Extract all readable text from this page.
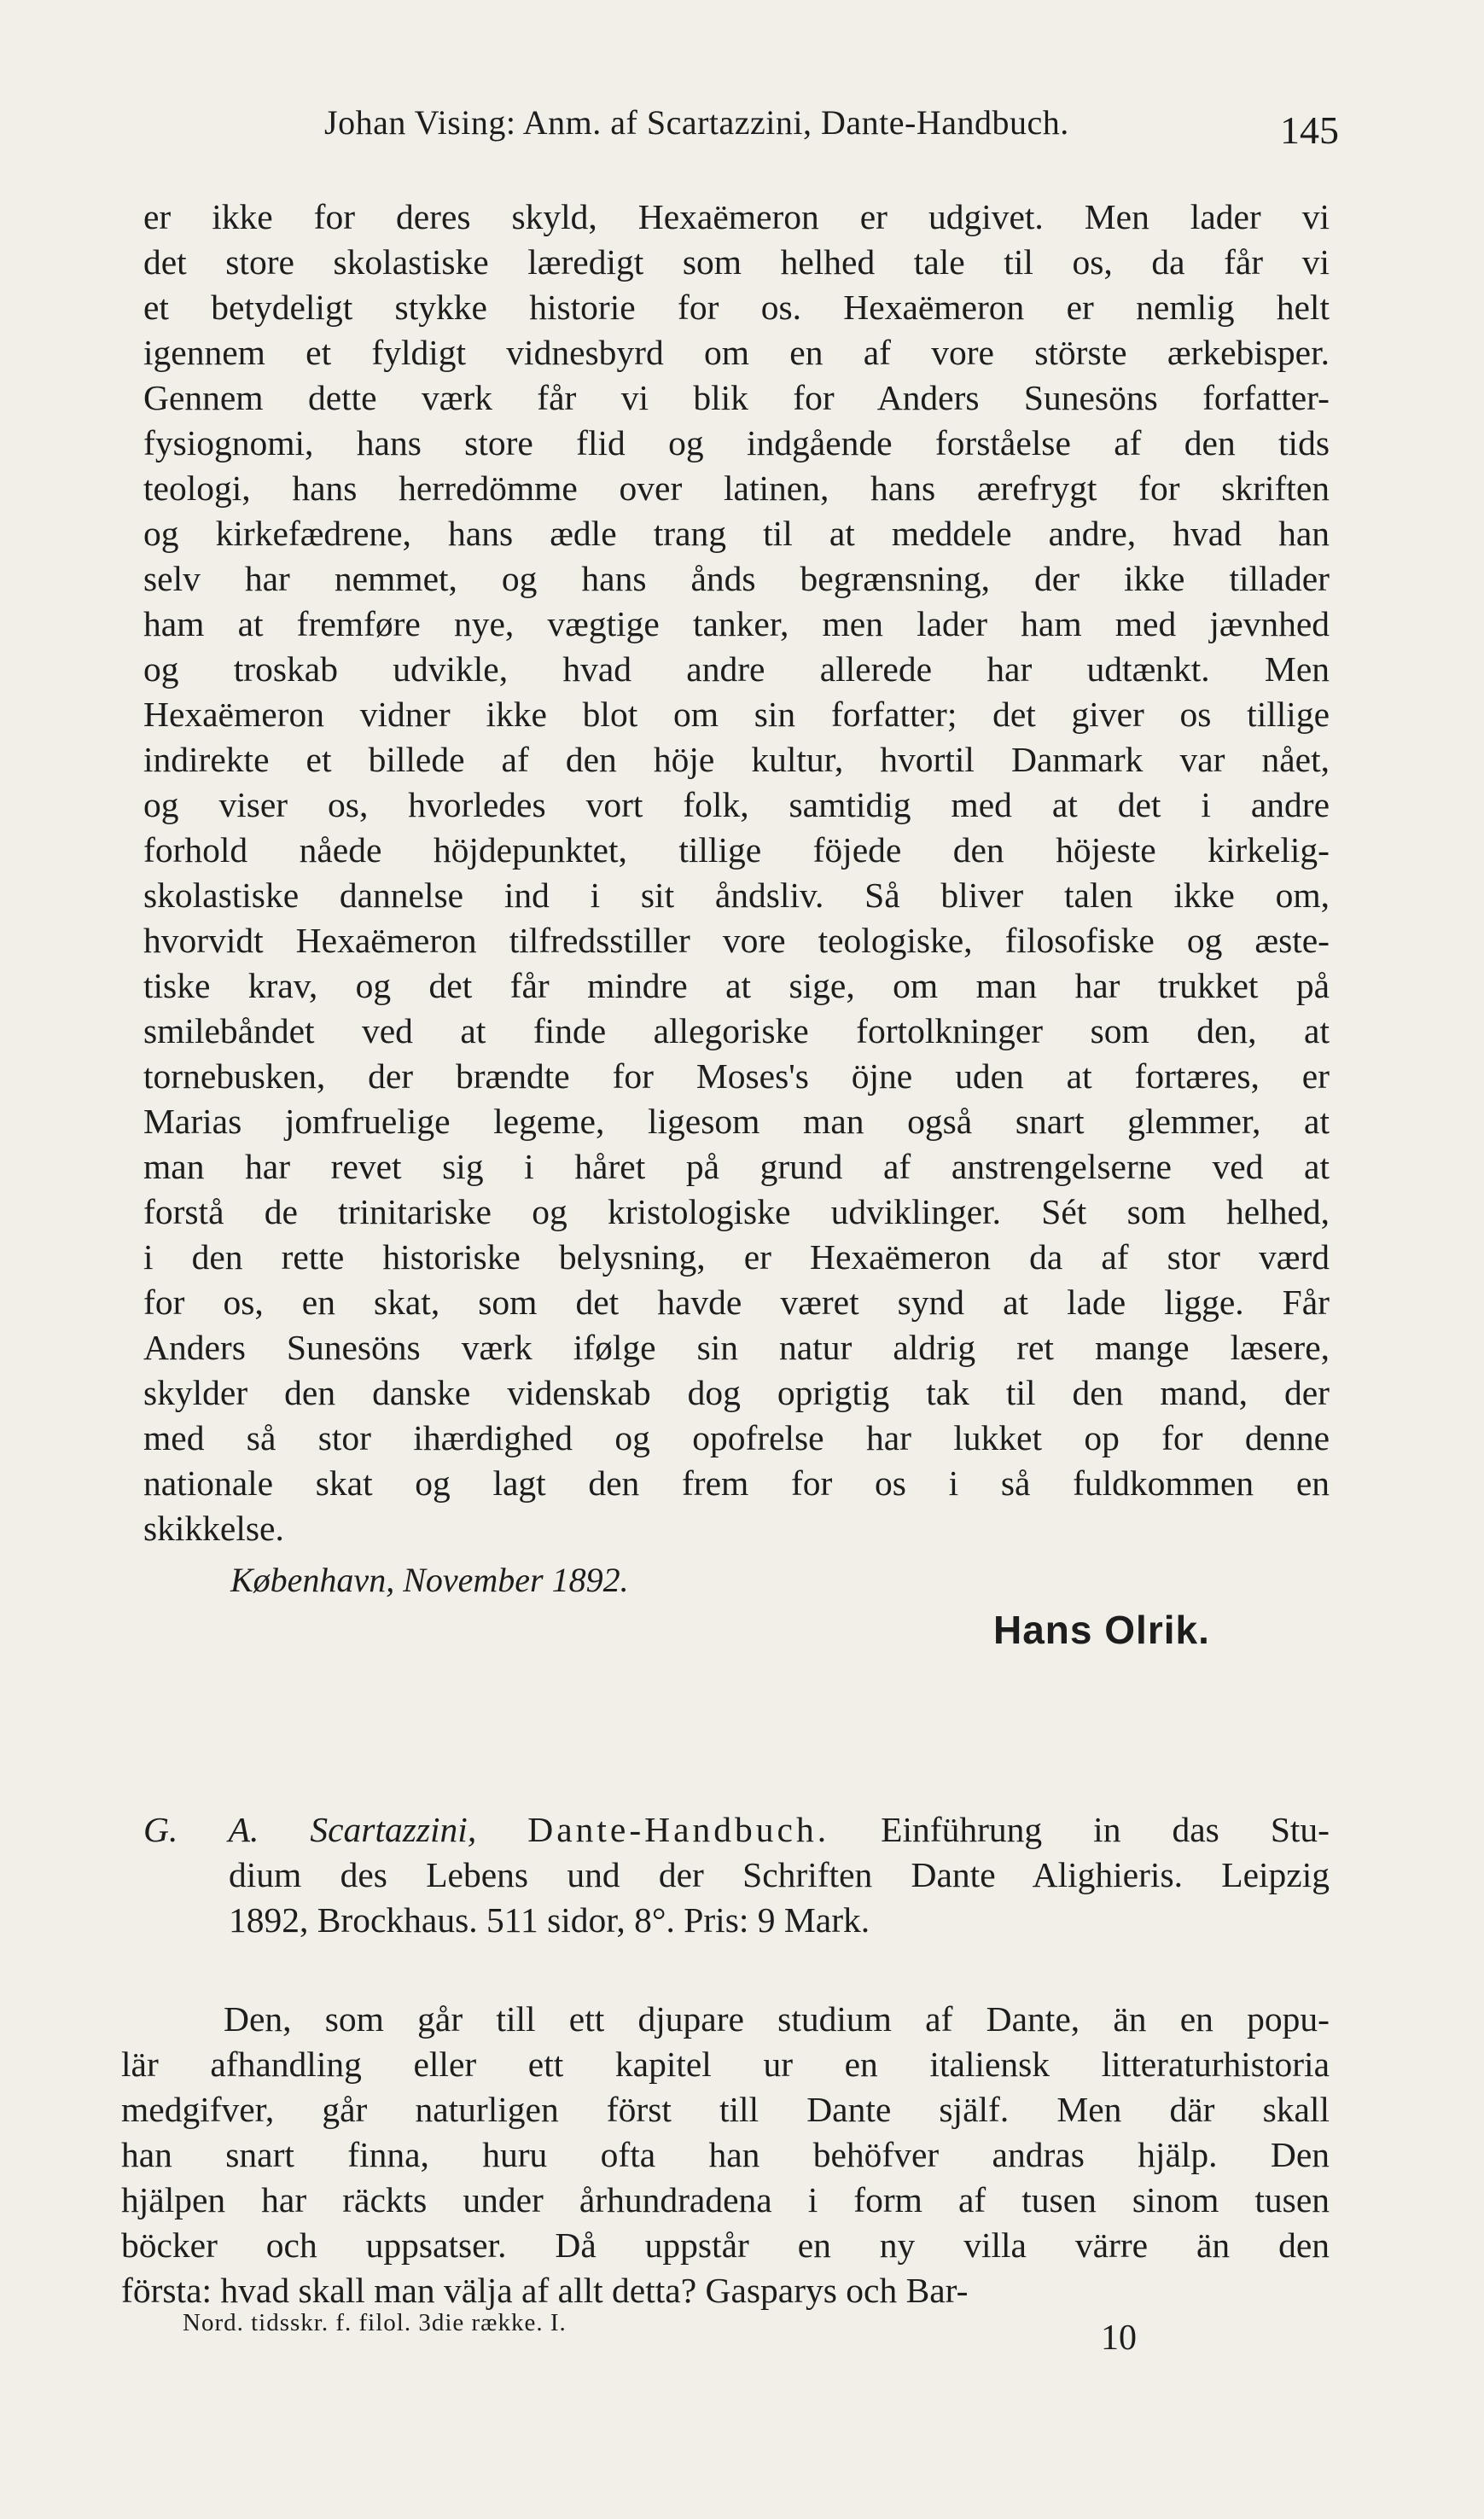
Johan Vising: Anm. af Scartazzini, Dante-Handbuch.	145
er ikke for deres skyld, Hexaëmeron er udgivet. Men lader vi
det store skolastiske læredigt som helhed tale til os, da får vi
et betydeligt stykke historie for os. Hexaëmeron er nemlig helt
igennem et fyldigt vidnesbyrd om en af vore störste ærkebisper.
Gennem dette værk får vi blik for Anders Sunesöns forfatter-
fysiognomi, hans store flid og indgående forståelse af den tids
teologi, hans herredömme over latinen, hans ærefrygt for skriften
og kirkefædrene, hans ædle trang til at meddele andre, hvad han
selv har nemmet, og hans ånds begrænsning, der ikke tillader
ham at fremføre nye, vægtige tanker, men lader ham med jævnhed
og troskab udvikle, hvad andre allerede har udtænkt. Men
Hexaëmeron vidner ikke blot om sin forfatter; det giver os tillige
indirekte et billede af den höje kultur, hvortil Danmark var nået,
og viser os, hvorledes vort folk, samtidig med at det i andre
forhold nåede höjdepunktet, tillige föjede den höjeste kirkelig-
skolastiske dannelse ind i sit åndsliv. Så bliver talen ikke om,
hvorvidt Hexaëmeron tilfredsstiller vore teologiske, filosofiske og æste-
tiske krav, og det får mindre at sige, om man har trukket på
smilebåndet ved at finde allegoriske fortolkninger som den, at
tornebusken, der brændte for Moses's öjne uden at fortæres, er
Marias jomfruelige legeme, ligesom man også snart glemmer, at
man har revet sig i håret på grund af anstrengelserne ved at
forstå de trinitariske og kristologiske udviklinger. Sét som helhed,
i den rette historiske belysning, er Hexaëmeron da af stor værd
for os, en skat, som det havde været synd at lade ligge. Får
Anders Sunesöns værk ifølge sin natur aldrig ret mange læsere,
skylder den danske videnskab dog oprigtig tak til den mand, der
med så stor ihærdighed og opofrelse har lukket op for denne
nationale skat og lagt den frem for os i så fuldkommen en
skikkelse.
København, November 1892.
Hans Olrik.
G. A. Scartazzini, Dante-Handbuch. Einführung in das Stu-
dium des Lebens und der Schriften Dante Alighieris. Leipzig
1892, Brockhaus. 511 sidor, 8°. Pris: 9 Mark.
Den, som går till ett djupare studium af Dante, än en popu-
lär afhandling eller ett kapitel ur en italiensk litteraturhistoria
medgifver, går naturligen först till Dante själf. Men där skall
han snart finna, huru ofta han behöfver andras hjälp. Den
hjälpen har räckts under århundradena i form af tusen sinom tusen
böcker och uppsatser. Då uppstår en ny villa värre än den
första: hvad skall man välja af allt detta? Gasparys och Bar-
Nord. tidsskr. f. filol. 3die række. I.	10
